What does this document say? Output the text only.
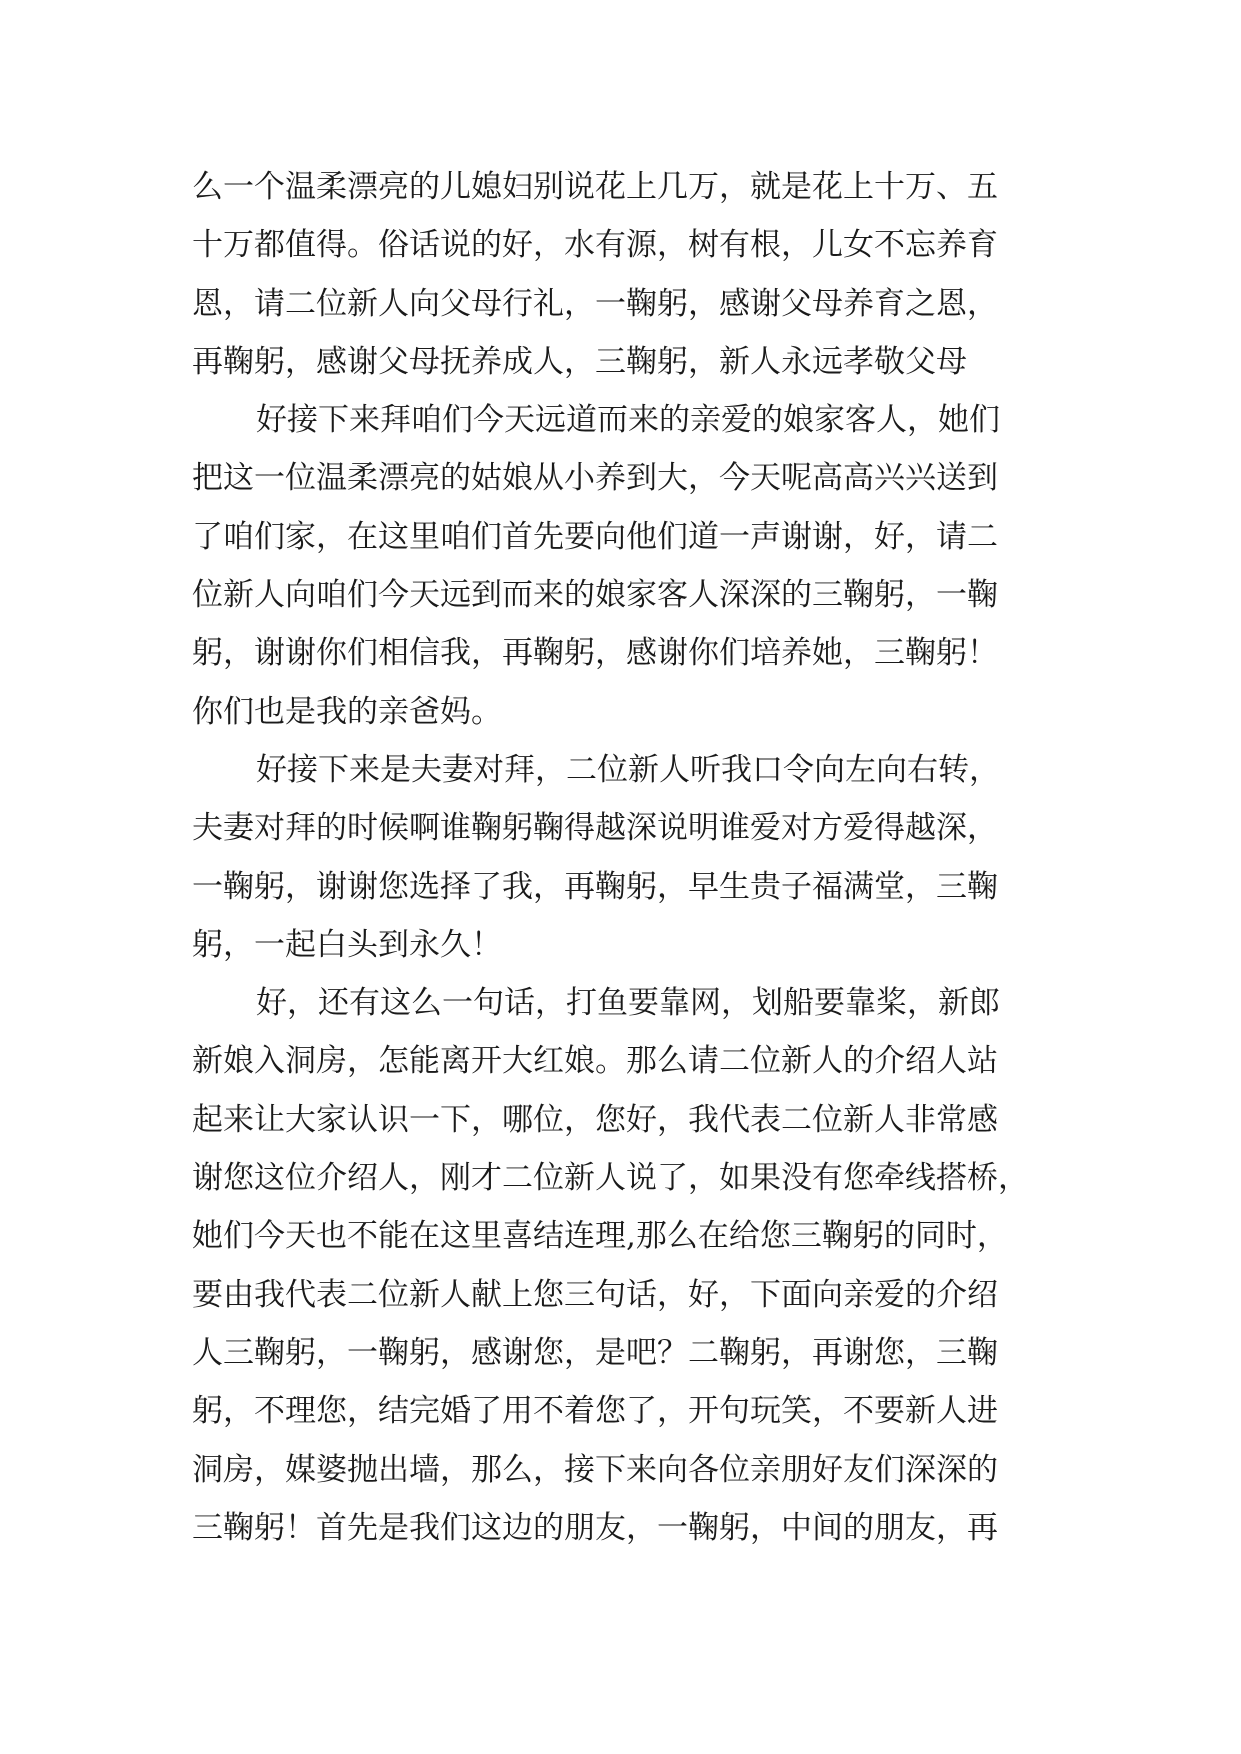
么一个温柔漂亮的儿媳妇别说花上几万，就是花上十万、五
十万都值得。俗话说的好，水有源，树有根，儿女不忘养育
恩，请二位新人向父母行礼，一鞠躬，感谢父母养育之恩，
再鞠躬，感谢父母抚养成人，三鞠躬，新人永远孝敬父母
好接下来拜咱们今天远道而来的亲爱的娘家客人，她们
把这一位温柔漂亮的姑娘从小养到大，今天呢高高兴兴送到
了咱们家，在这里咱们首先要向他们道一声谢谢，好，请二
位新人向咱们今天远到而来的娘家客人深深的三鞠躬，一鞠
躬，谢谢你们相信我，再鞠躬，感谢你们培养她，三鞠躬！
你们也是我的亲爸妈。
好接下来是夫妻对拜，二位新人听我口令向左向右转，
夫妻对拜的时候啊谁鞠躬鞠得越深说明谁爱对方爱得越深，
一鞠躬，谢谢您选择了我，再鞠躬，早生贵子福满堂，三鞠
躬，一起白头到永久！
好，还有这么一句话，打鱼要靠网，划船要靠桨，新郎
新娘入洞房，怎能离开大红娘。那么请二位新人的介绍人站
起来让大家认识一下，哪位，您好，我代表二位新人非常感
谢您这位介绍人，刚才二位新人说了，如果没有您牵线搭桥，
她们今天也不能在这里喜结连理,那么在给您三鞠躬的同时，
要由我代表二位新人献上您三句话，好，下面向亲爱的介绍
人三鞠躬，一鞠躬，感谢您，是吧？二鞠躬，再谢您，三鞠
躬，不理您，结完婚了用不着您了，开句玩笑，不要新人进
洞房，媒婆抛出墙，那么，接下来向各位亲朋好友们深深的
三鞠躬！首先是我们这边的朋友，一鞠躬，中间的朋友，再
